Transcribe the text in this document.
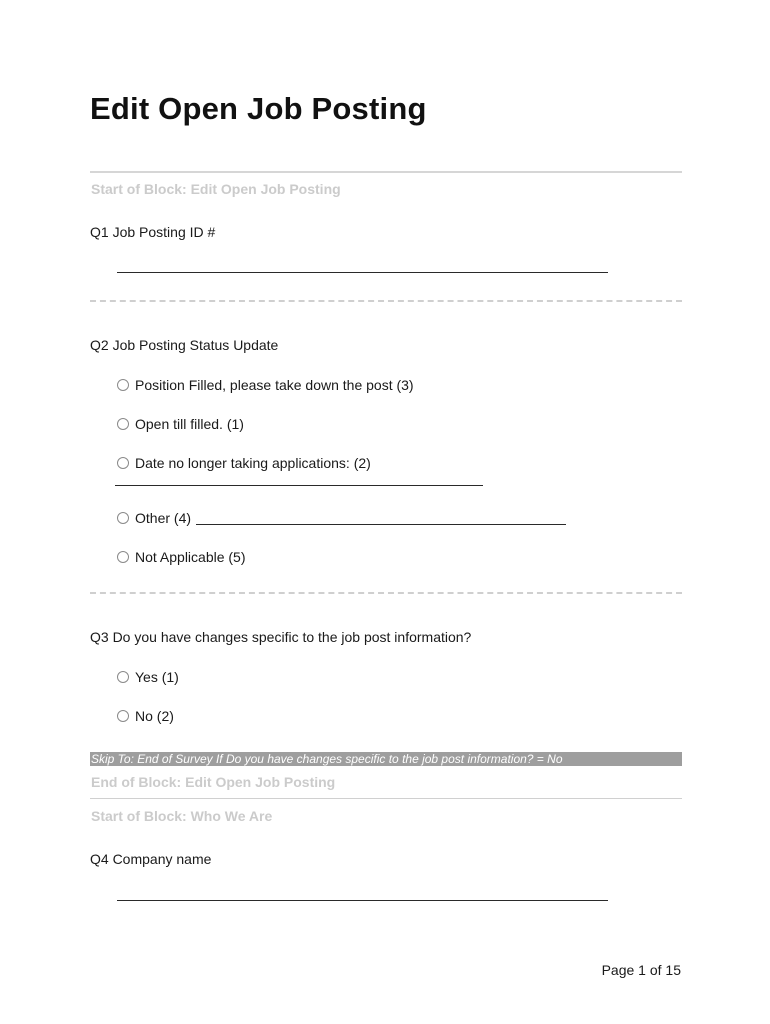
Edit Open Job Posting
Start of Block: Edit Open Job Posting
Q1 Job Posting ID #
Q2 Job Posting Status Update
Position Filled, please take down the post (3)
Open till filled. (1)
Date no longer taking applications: (2)
Other (4)
Not Applicable (5)
Q3 Do you have changes specific to the job post information?
Yes (1)
No (2)
Skip To: End of Survey If Do you have changes specific to the job post information? = No
End of Block: Edit Open Job Posting
Start of Block: Who We Are
Q4 Company name
Page 1 of 15
